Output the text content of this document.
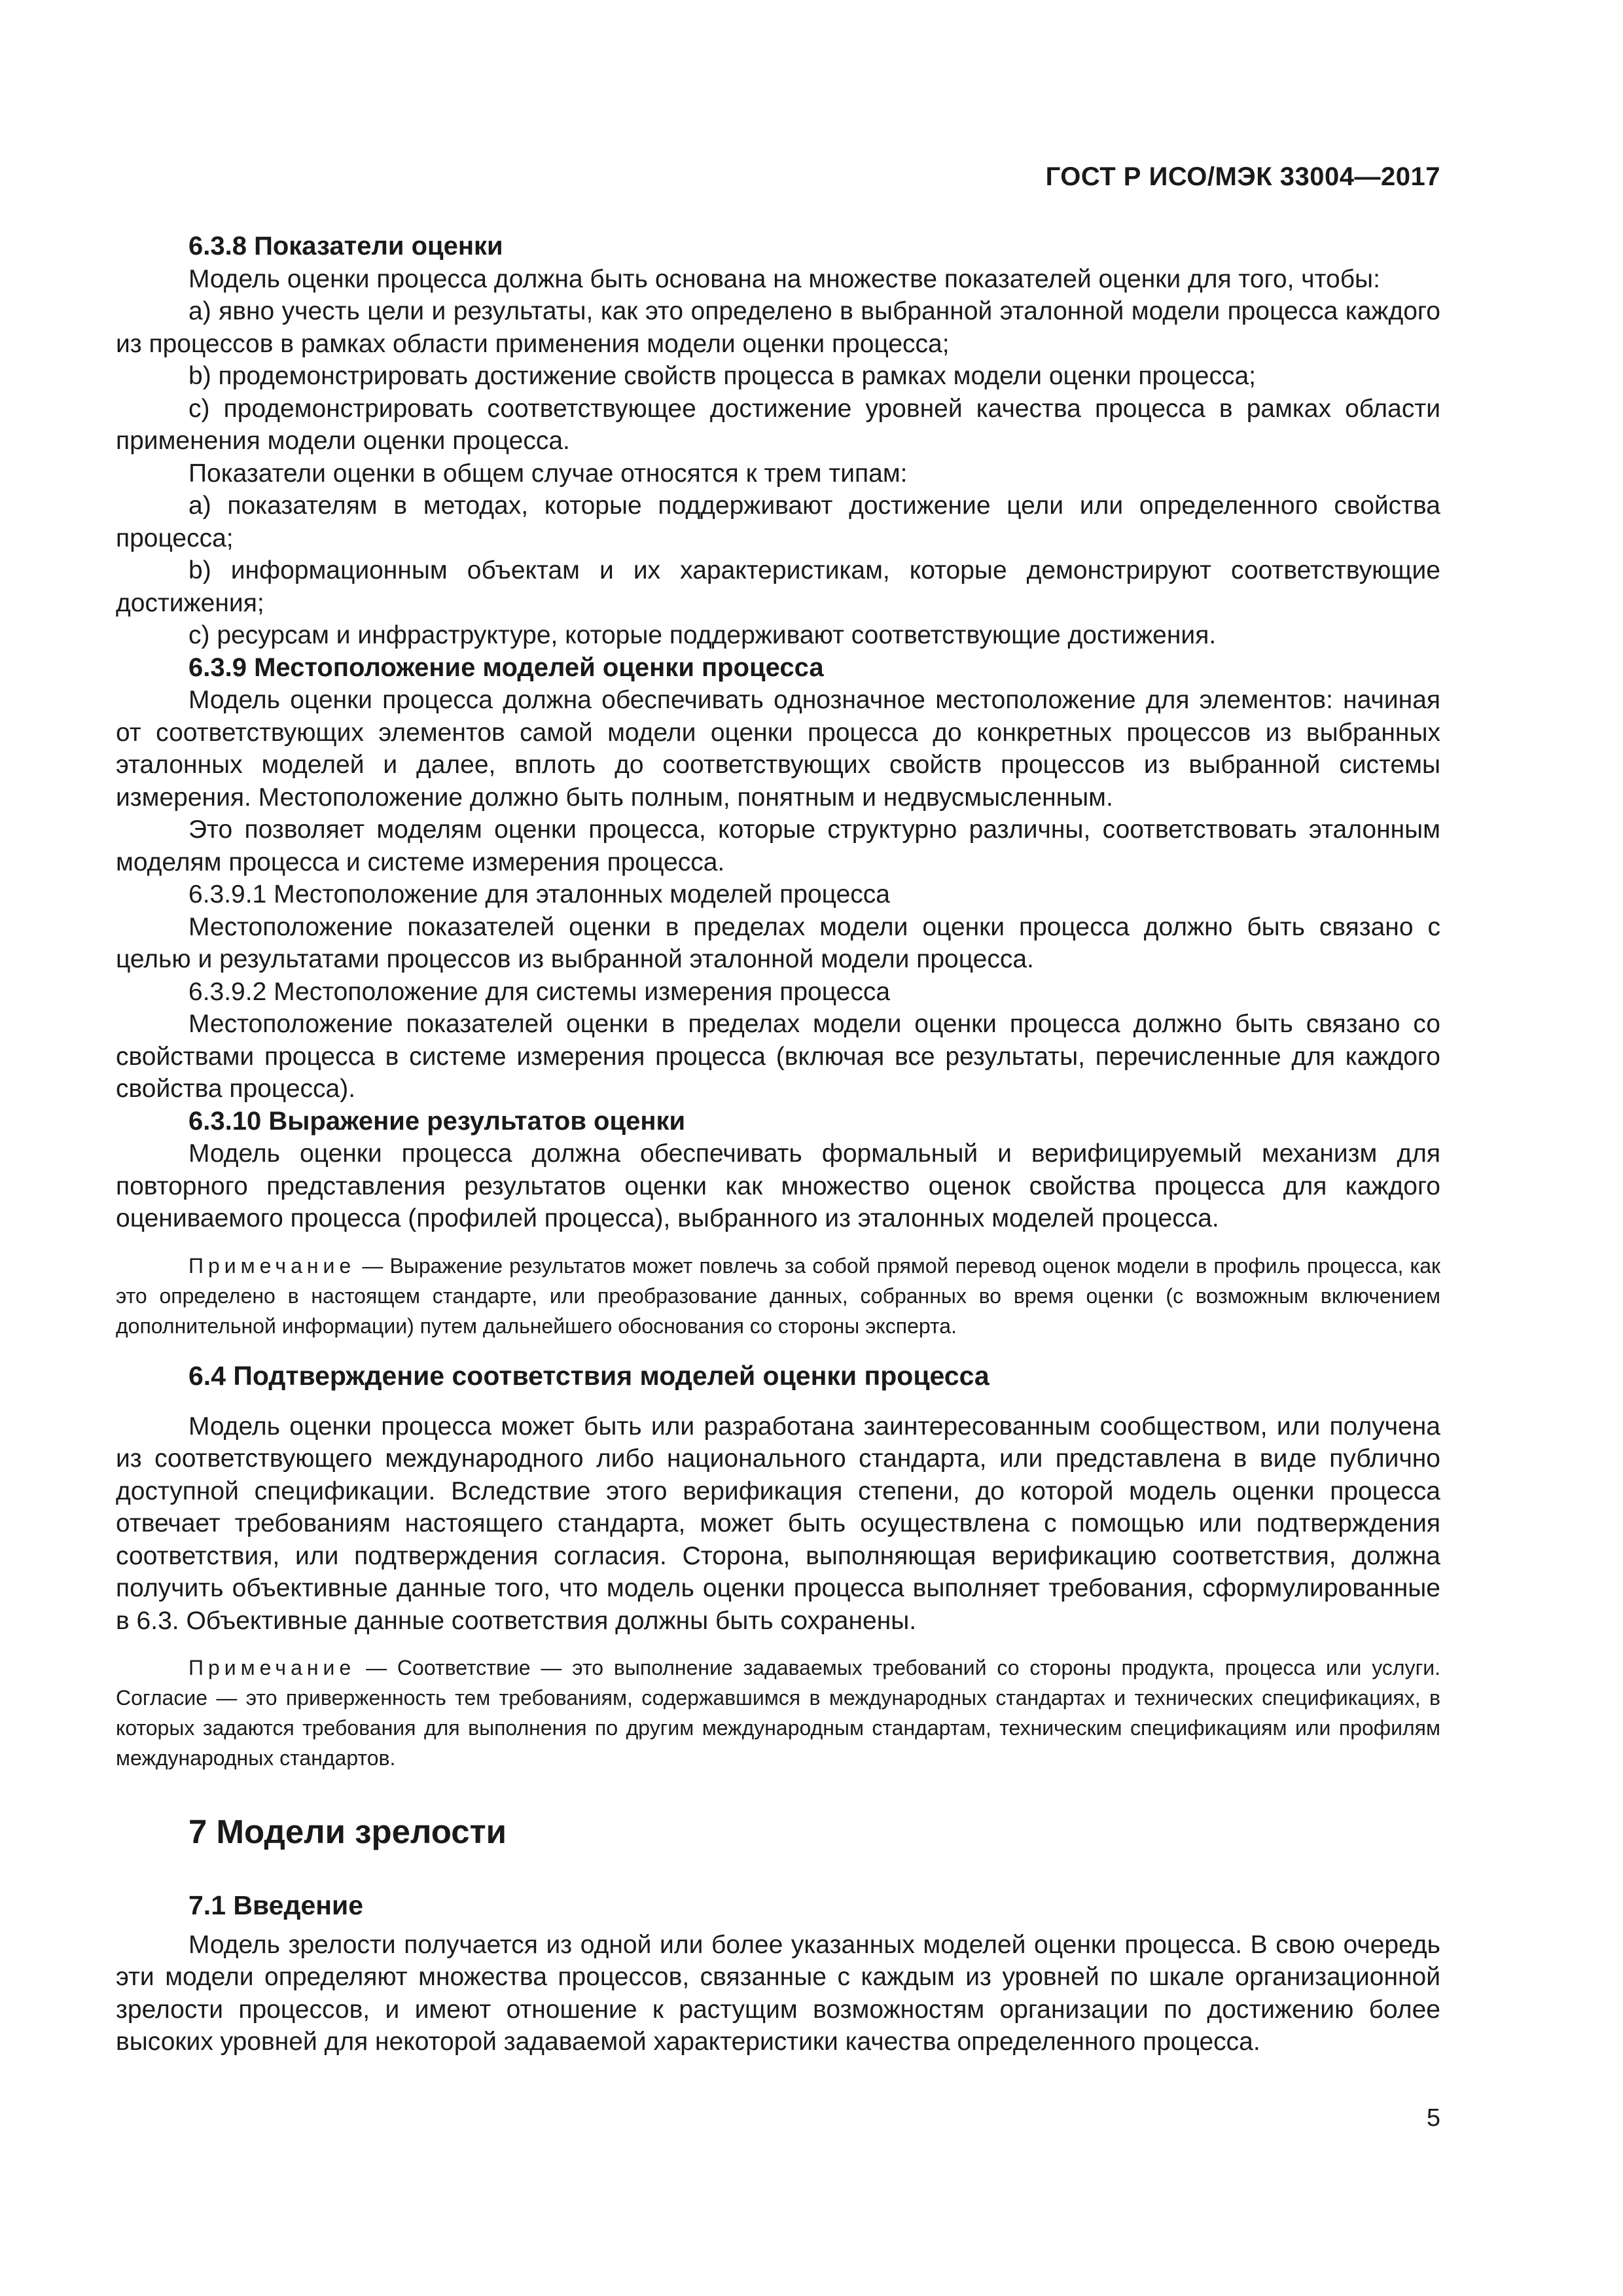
ГОСТ Р ИСО/МЭК 33004—2017
6.3.8 Показатели оценки

Модель оценки процесса должна быть основана на множестве показателей оценки для того, чтобы:

a) явно учесть цели и результаты, как это определено в выбранной эталонной модели процесса каждого из процессов в рамках области применения модели оценки процесса;

b) продемонстрировать достижение свойств процесса в рамках модели оценки процесса;

c) продемонстрировать соответствующее достижение уровней качества процесса в рамках области применения модели оценки процесса.

Показатели оценки в общем случае относятся к трем типам:

a) показателям в методах, которые поддерживают достижение цели или определенного свойства процесса;

b) информационным объектам и их характеристикам, которые демонстрируют соответствующие достижения;

c) ресурсам и инфраструктуре, которые поддерживают соответствующие достижения.

6.3.9 Местоположение моделей оценки процесса

Модель оценки процесса должна обеспечивать однозначное местоположение для элементов: начиная от соответствующих элементов самой модели оценки процесса до конкретных процессов из выбранных эталонных моделей и далее, вплоть до соответствующих свойств процессов из выбранной системы измерения. Местоположение должно быть полным, понятным и недвусмысленным.

Это позволяет моделям оценки процесса, которые структурно различны, соответствовать эталонным моделям процесса и системе измерения процесса.

6.3.9.1 Местоположение для эталонных моделей процесса

Местоположение показателей оценки в пределах модели оценки процесса должно быть связано с целью и результатами процессов из выбранной эталонной модели процесса.

6.3.9.2 Местоположение для системы измерения процесса

Местоположение показателей оценки в пределах модели оценки процесса должно быть связано со свойствами процесса в системе измерения процесса (включая все результаты, перечисленные для каждого свойства процесса).

6.3.10 Выражение результатов оценки

Модель оценки процесса должна обеспечивать формальный и верифицируемый механизм для повторного представления результатов оценки как множество оценок свойства процесса для каждого оцениваемого процесса (профилей процесса), выбранного из эталонных моделей процесса.

Примечание — Выражение результатов может повлечь за собой прямой перевод оценок модели в профиль процесса, как это определено в настоящем стандарте, или преобразование данных, собранных во время оценки (с возможным включением дополнительной информации) путем дальнейшего обоснования со стороны эксперта.
6.4 Подтверждение соответствия моделей оценки процесса

Модель оценки процесса может быть или разработана заинтересованным сообществом, или получена из соответствующего международного либо национального стандарта, или представлена в виде публично доступной спецификации. Вследствие этого верификация степени, до которой модель оценки процесса отвечает требованиям настоящего стандарта, может быть осуществлена с помощью или подтверждения соответствия, или подтверждения согласия. Сторона, выполняющая верификацию соответствия, должна получить объективные данные того, что модель оценки процесса выполняет требования, сформулированные в 6.3. Объективные данные соответствия должны быть сохранены.

Примечание — Соответствие — это выполнение задаваемых требований со стороны продукта, процесса или услуги. Согласие — это приверженность тем требованиям, содержавшимся в международных стандартах и технических спецификациях, в которых задаются требования для выполнения по другим международным стандартам, техническим спецификациям или профилям международных стандартов.
7 Модели зрелости
7.1 Введение

Модель зрелости получается из одной или более указанных моделей оценки процесса. В свою очередь эти модели определяют множества процессов, связанные с каждым из уровней по шкале организационной зрелости процессов, и имеют отношение к растущим возможностям организации по достижению более высоких уровней для некоторой задаваемой характеристики качества определенного процесса.

5
